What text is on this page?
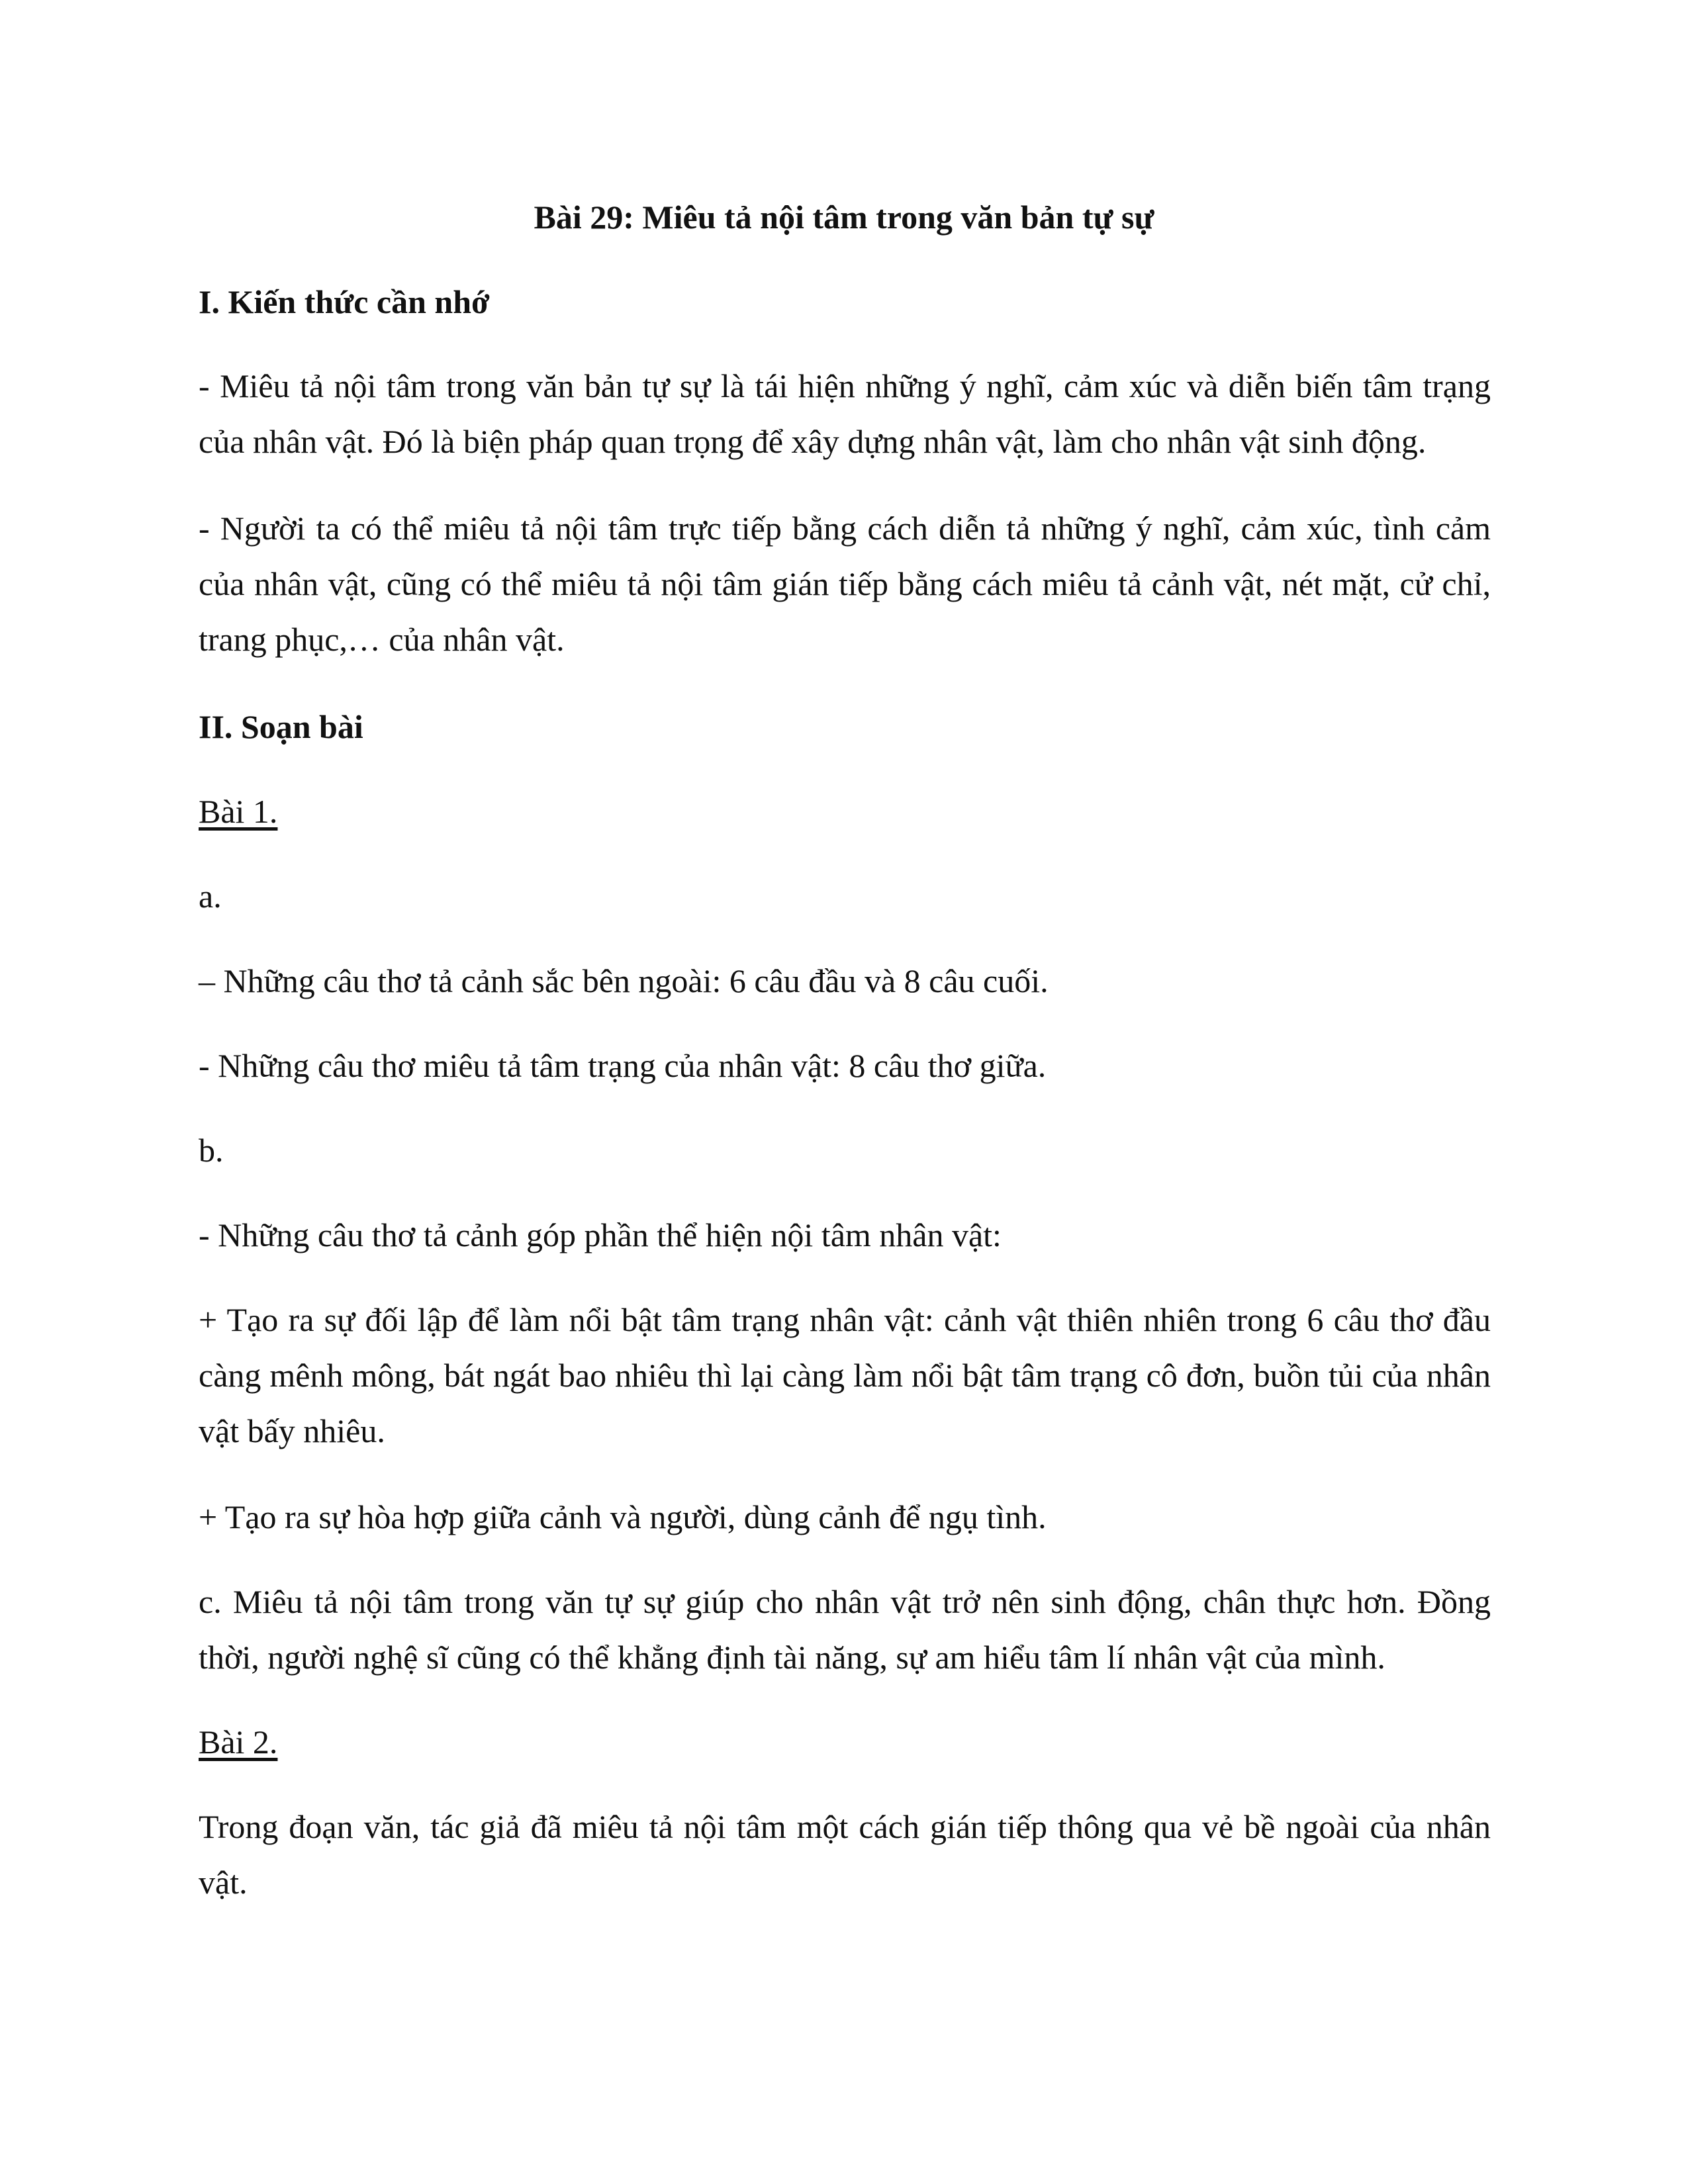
Bài 29: Miêu tả nội tâm trong văn bản tự sự

I. Kiến thức cần nhớ

- Miêu tả nội tâm trong văn bản tự sự là tái hiện những ý nghĩ, cảm xúc và diễn biến tâm trạng của nhân vật. Đó là biện pháp quan trọng để xây dựng nhân vật, làm cho nhân vật sinh động.

- Người ta có thể miêu tả nội tâm trực tiếp bằng cách diễn tả những ý nghĩ, cảm xúc, tình cảm của nhân vật, cũng có thể miêu tả nội tâm gián tiếp bằng cách miêu tả cảnh vật, nét mặt, cử chỉ, trang phục,… của nhân vật.

II. Soạn bài

Bài 1.

a.

– Những câu thơ tả cảnh sắc bên ngoài: 6 câu đầu và 8 câu cuối.

- Những câu thơ miêu tả tâm trạng của nhân vật: 8 câu thơ giữa.

b.

- Những câu thơ tả cảnh góp phần thể hiện nội tâm nhân vật:

+ Tạo ra sự đối lập để làm nổi bật tâm trạng nhân vật: cảnh vật thiên nhiên trong 6 câu thơ đầu càng mênh mông, bát ngát bao nhiêu thì lại càng làm nổi bật tâm trạng cô đơn, buồn tủi của nhân vật bấy nhiêu.

+ Tạo ra sự hòa hợp giữa cảnh và người, dùng cảnh để ngụ tình.

c. Miêu tả nội tâm trong văn tự sự giúp cho nhân vật trở nên sinh động, chân thực hơn. Đồng thời, người nghệ sĩ cũng có thể khẳng định tài năng, sự am hiểu tâm lí nhân vật của mình.

Bài 2.

Trong đoạn văn, tác giả đã miêu tả nội tâm một cách gián tiếp thông qua vẻ bề ngoài của nhân vật.
